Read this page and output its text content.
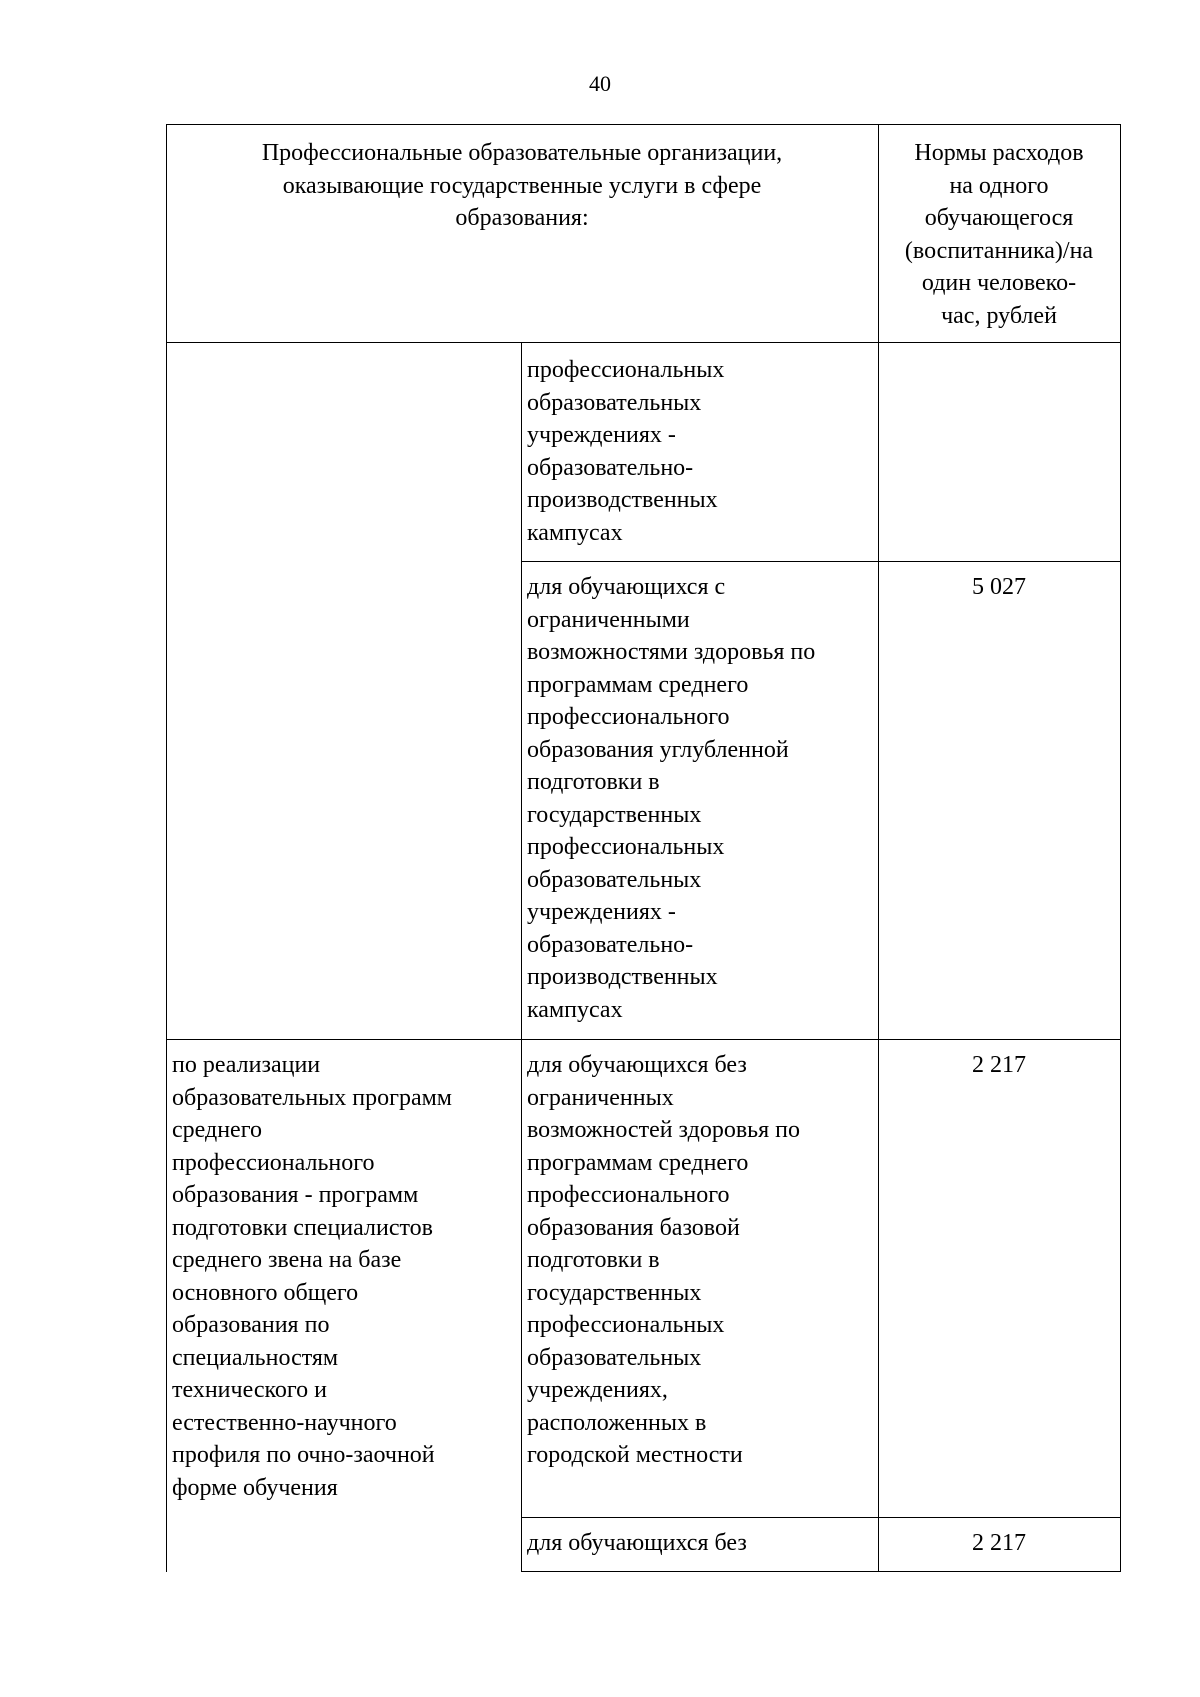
40
Профессиональные образовательные организации,
оказывающие государственные услуги в сфере
образования:
Нормы расходов
на одного
обучающегося
(воспитанника)/на
один человеко-
час, рублей
профессиональных
образовательных
учреждениях -
образовательно-
производственных
кампусах
для обучающихся с
ограниченными
возможностями здоровья по
программам среднего
профессионального
образования углубленной
подготовки в
государственных
профессиональных
образовательных
учреждениях -
образовательно-
производственных
кампусах
5 027
по реализации
образовательных программ
среднего
профессионального
образования - программ
подготовки специалистов
среднего звена на базе
основного общего
образования по
специальностям
технического и
естественно-научного
профиля по очно-заочной
форме обучения
для обучающихся без
ограниченных
возможностей здоровья по
программам среднего
профессионального
образования базовой
подготовки в
государственных
профессиональных
образовательных
учреждениях,
расположенных в
городской местности
2 217
для обучающихся без	2 217
